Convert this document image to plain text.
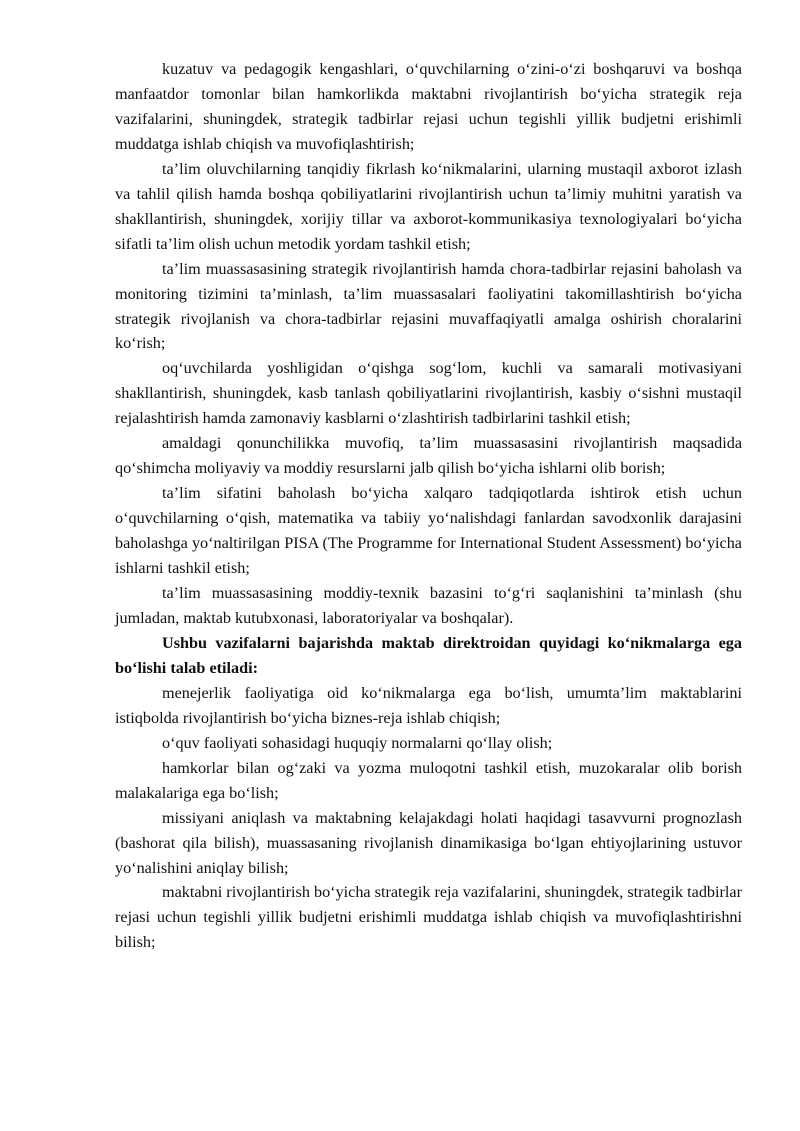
kuzatuv va pedagogik kengashlari, o‘quvchilarning o‘zini-o‘zi boshqaruvi va boshqa manfaatdor tomonlar bilan hamkorlikda maktabni rivojlantirish bo‘yicha strategik reja vazifalarini, shuningdek, strategik tadbirlar rejasi uchun tegishli yillik budjetni erishimli muddatga ishlab chiqish va muvofiqlashtirish;

ta’lim oluvchilarning tanqidiy fikrlash ko‘nikmalarini, ularning mustaqil axborot izlash va tahlil qilish hamda boshqa qobiliyatlarini rivojlantirish uchun ta’limiy muhitni yaratish va shakllantirish, shuningdek, xorijiy tillar va axborot-kommunikasiya texnologiyalari bo‘yicha sifatli ta’lim olish uchun metodik yordam tashkil etish;

ta’lim muassasasining strategik rivojlantirish hamda chora-tadbirlar rejasini baholash va monitoring tizimini ta’minlash, ta’lim muassasalari faoliyatini takomillashtirish bo‘yicha strategik rivojlanish va chora-tadbirlar rejasini muvaffaqiyatli amalga oshirish choralarini ko‘rish;

oq‘uvchilarda yoshligidan o‘qishga sog‘lom, kuchli va samarali motivasiyani shakllantirish, shuningdek, kasb tanlash qobiliyatlarini rivojlantirish, kasbiy o‘sishni mustaqil rejalashtirish hamda zamonaviy kasblarni o‘zlashtirish tadbirlarini tashkil etish;

amaldagi qonunchilikka muvofiq, ta’lim muassasasini rivojlantirish maqsadida qo‘shimcha moliyaviy va moddiy resurslarni jalb qilish bo‘yicha ishlarni olib borish;

ta’lim sifatini baholash bo‘yicha xalqaro tadqiqotlarda ishtirok etish uchun o‘quvchilarning o‘qish, matematika va tabiiy yo‘nalishdagi fanlardan savodxonlik darajasini baholashga yo‘naltirilgan PISA (The Programme for International Student Assessment) bo‘yicha ishlarni tashkil etish;

ta’lim muassasasining moddiy-texnik bazasini to‘g‘ri saqlanishini ta’minlash (shu jumladan, maktab kutubxonasi, laboratoriyalar va boshqalar).

Ushbu vazifalarni bajarishda maktab direktroidan quyidagi ko‘nikmalarga ega bo‘lishi talab etiladi:

menejerlik faoliyatiga oid ko‘nikmalarga ega bo‘lish, umumta’lim maktablarini istiqbolda rivojlantirish bo‘yicha biznes-reja ishlab chiqish;

o‘quv faoliyati sohasidagi huquqiy normalarni qo‘llay olish;

hamkorlar bilan og‘zaki va yozma muloqotni tashkil etish, muzokaralar olib borish malakalariga ega bo‘lish;

missiyani aniqlash va maktabning kelajakdagi holati haqidagi tasavvurni prognozlash (bashorat qila bilish), muassasaning rivojlanish dinamikasiga bo‘lgan ehtiyojlarining ustuvor yo‘nalishini aniqlay bilish;

maktabni rivojlantirish bo‘yicha strategik reja vazifalarini, shuningdek, strategik tadbirlar rejasi uchun tegishli yillik budjetni erishimli muddatga ishlab chiqish va muvofiqlashtirishni bilish;
